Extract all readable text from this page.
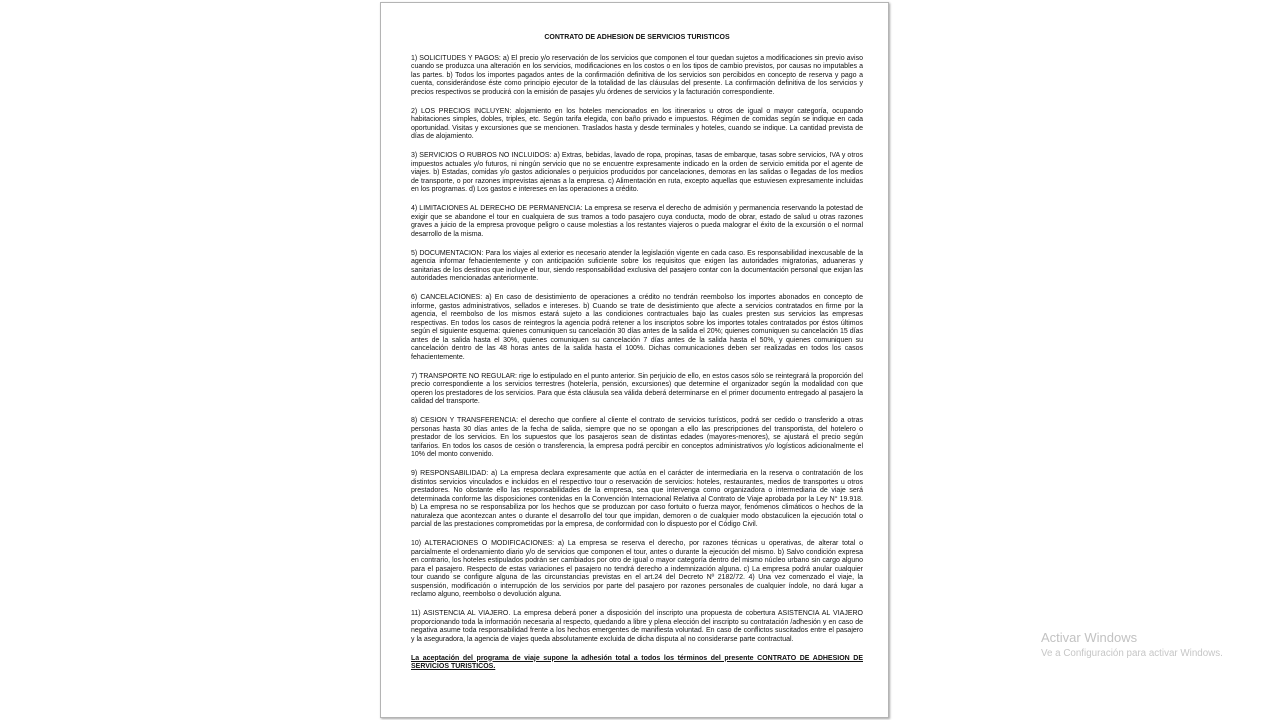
CONTRATO DE ADHESION DE SERVICIOS TURISTICOS

1) SOLICITUDES Y PAGOS: a) El precio y/o reservación de los servicios que componen el tour quedan sujetos a modificaciones sin previo aviso cuando se produzca una alteración en los servicios, modificaciones en los costos o en los tipos de cambio previstos, por causas no imputables a las partes. b) Todos los importes pagados antes de la confirmación definitiva de los servicios son percibidos en concepto de reserva y pago a cuenta, considerándose éste como principio ejecutor de la totalidad de las cláusulas del presente. La confirmación definitiva de los servicios y precios respectivos se producirá con la emisión de pasajes y/u órdenes de servicios y la facturación correspondiente.

2) LOS PRECIOS INCLUYEN: alojamiento en los hoteles mencionados en los itinerarios u otros de igual o mayor categoría, ocupando habitaciones simples, dobles, triples, etc. Según tarifa elegida, con baño privado e impuestos. Régimen de comidas según se indique en cada oportunidad. Visitas y excursiones que se mencionen. Traslados hasta y desde terminales y hoteles, cuando se indique. La cantidad prevista de días de alojamiento.

3) SERVICIOS O RUBROS NO INCLUIDOS: a) Extras, bebidas, lavado de ropa, propinas, tasas de embarque, tasas sobre servicios, IVA y otros impuestos actuales y/o futuros, ni ningún servicio que no se encuentre expresamente indicado en la orden de servicio emitida por el agente de viajes. b) Estadas, comidas y/o gastos adicionales o perjuicios producidos por cancelaciones, demoras en las salidas o llegadas de los medios de transporte, o por razones imprevistas ajenas a la empresa. c) Alimentación en ruta, excepto aquellas que estuviesen expresamente incluidas en los programas. d) Los gastos e intereses en las operaciones a crédito.

4) LIMITACIONES AL DERECHO DE PERMANENCIA: La empresa se reserva el derecho de admisión y permanencia reservando la potestad de exigir que se abandone el tour en cualquiera de sus tramos a todo pasajero cuya conducta, modo de obrar, estado de salud u otras razones graves a juicio de la empresa provoque peligro o cause molestias a los restantes viajeros o pueda malograr el éxito de la excursión o el normal desarrollo de la misma.

5) DOCUMENTACION: Para los viajes al exterior es necesario atender la legislación vigente en cada caso. Es responsabilidad inexcusable de la agencia informar fehacientemente y con anticipación suficiente sobre los requisitos que exigen las autoridades migratorias, aduaneras y sanitarias de los destinos que incluye el tour, siendo responsabilidad exclusiva del pasajero contar con la documentación personal que exijan las autoridades mencionadas anteriormente.

6) CANCELACIONES: a) En caso de desistimiento de operaciones a crédito no tendrán reembolso los importes abonados en concepto de informe, gastos administrativos, sellados e intereses. b) Cuando se trate de desistimiento que afecte a servicios contratados en firme por la agencia, el reembolso de los mismos estará sujeto a las condiciones contractuales bajo las cuales presten sus servicios las empresas respectivas. En todos los casos de reintegros la agencia podrá retener a los inscriptos sobre los importes totales contratados por éstos últimos según el siguiente esquema: quienes comuniquen su cancelación 30 días antes de la salida el 20%; quienes comuniquen su cancelación 15 días antes de la salida hasta el 30%, quienes comuniquen su cancelación 7 días antes de la salida hasta el 50%, y quienes comuniquen su cancelación dentro de las 48 horas antes de la salida hasta el 100%. Dichas comunicaciones deben ser realizadas en todos los casos fehacientemente.

7) TRANSPORTE NO REGULAR: rige lo estipulado en el punto anterior. Sin perjuicio de ello, en estos casos sólo se reintegrará la proporción del precio correspondiente a los servicios terrestres (hotelería, pensión, excursiones) que determine el organizador según la modalidad con que operen los prestadores de los servicios. Para que ésta cláusula sea válida deberá determinarse en el primer documento entregado al pasajero la calidad del transporte.

8) CESION Y TRANSFERENCIA: el derecho que confiere al cliente el contrato de servicios turísticos, podrá ser cedido o transferido a otras personas hasta 30 días antes de la fecha de salida, siempre que no se opongan a ello las prescripciones del transportista, del hotelero o prestador de los servicios. En los supuestos que los pasajeros sean de distintas edades (mayores-menores), se ajustará el precio según tarifarios. En todos los casos de cesión o transferencia, la empresa podrá percibir en conceptos administrativos y/o logísticos adicionalmente el 10% del monto convenido.

9) RESPONSABILIDAD: a) La empresa declara expresamente que actúa en el carácter de intermediaria en la reserva o contratación de los distintos servicios vinculados e incluidos en el respectivo tour o reservación de servicios: hoteles, restaurantes, medios de transportes u otros prestadores. No obstante ello las responsabilidades de la empresa, sea que intervenga como organizadora o intermediaria de viaje será determinada conforme las disposiciones contenidas en la Convención Internacional Relativa al Contrato de Viaje aprobada por la Ley N° 19.918. b) La empresa no se responsabiliza por los hechos que se produzcan por caso fortuito o fuerza mayor, fenómenos climáticos o hechos de la naturaleza que acontezcan antes o durante el desarrollo del tour que impidan, demoren o de cualquier modo obstaculicen la ejecución total o parcial de las prestaciones comprometidas por la empresa, de conformidad con lo dispuesto por el Código Civil.

10) ALTERACIONES O MODIFICACIONES: a) La empresa se reserva el derecho, por razones técnicas u operativas, de alterar total o parcialmente el ordenamiento diario y/o de servicios que componen el tour, antes o durante la ejecución del mismo. b) Salvo condición expresa en contrario, los hoteles estipulados podrán ser cambiados por otro de igual o mayor categoría dentro del mismo núcleo urbano sin cargo alguno para el pasajero. Respecto de estas variaciones el pasajero no tendrá derecho a indemnización alguna. c) La empresa podrá anular cualquier tour cuando se configure alguna de las circunstancias previstas en el art.24 del Decreto Nº 2182/72. 4) Una vez comenzado el viaje, la suspensión, modificación o interrupción de los servicios por parte del pasajero por razones personales de cualquier índole, no dará lugar a reclamo alguno, reembolso o devolución alguna.

11) ASISTENCIA AL VIAJERO. La empresa deberá poner a disposición del inscripto una propuesta de cobertura ASISTENCIA AL VIAJERO proporcionando toda la información necesaria al respecto, quedando a libre y plena elección del inscripto su contratación /adhesión y en caso de negativa asume toda responsabilidad frente a los hechos emergentes de manifiesta voluntad. En caso de conflictos suscitados entre el pasajero y la aseguradora, la agencia de viajes queda absolutamente excluida de dicha disputa al no considerarse parte contractual.

La aceptación del programa de viaje supone la adhesión total a todos los términos del presente CONTRATO DE ADHESION DE SERVICIOS TURISTICOS.

Activar Windows
Ve a Configuración para activar Windows.
